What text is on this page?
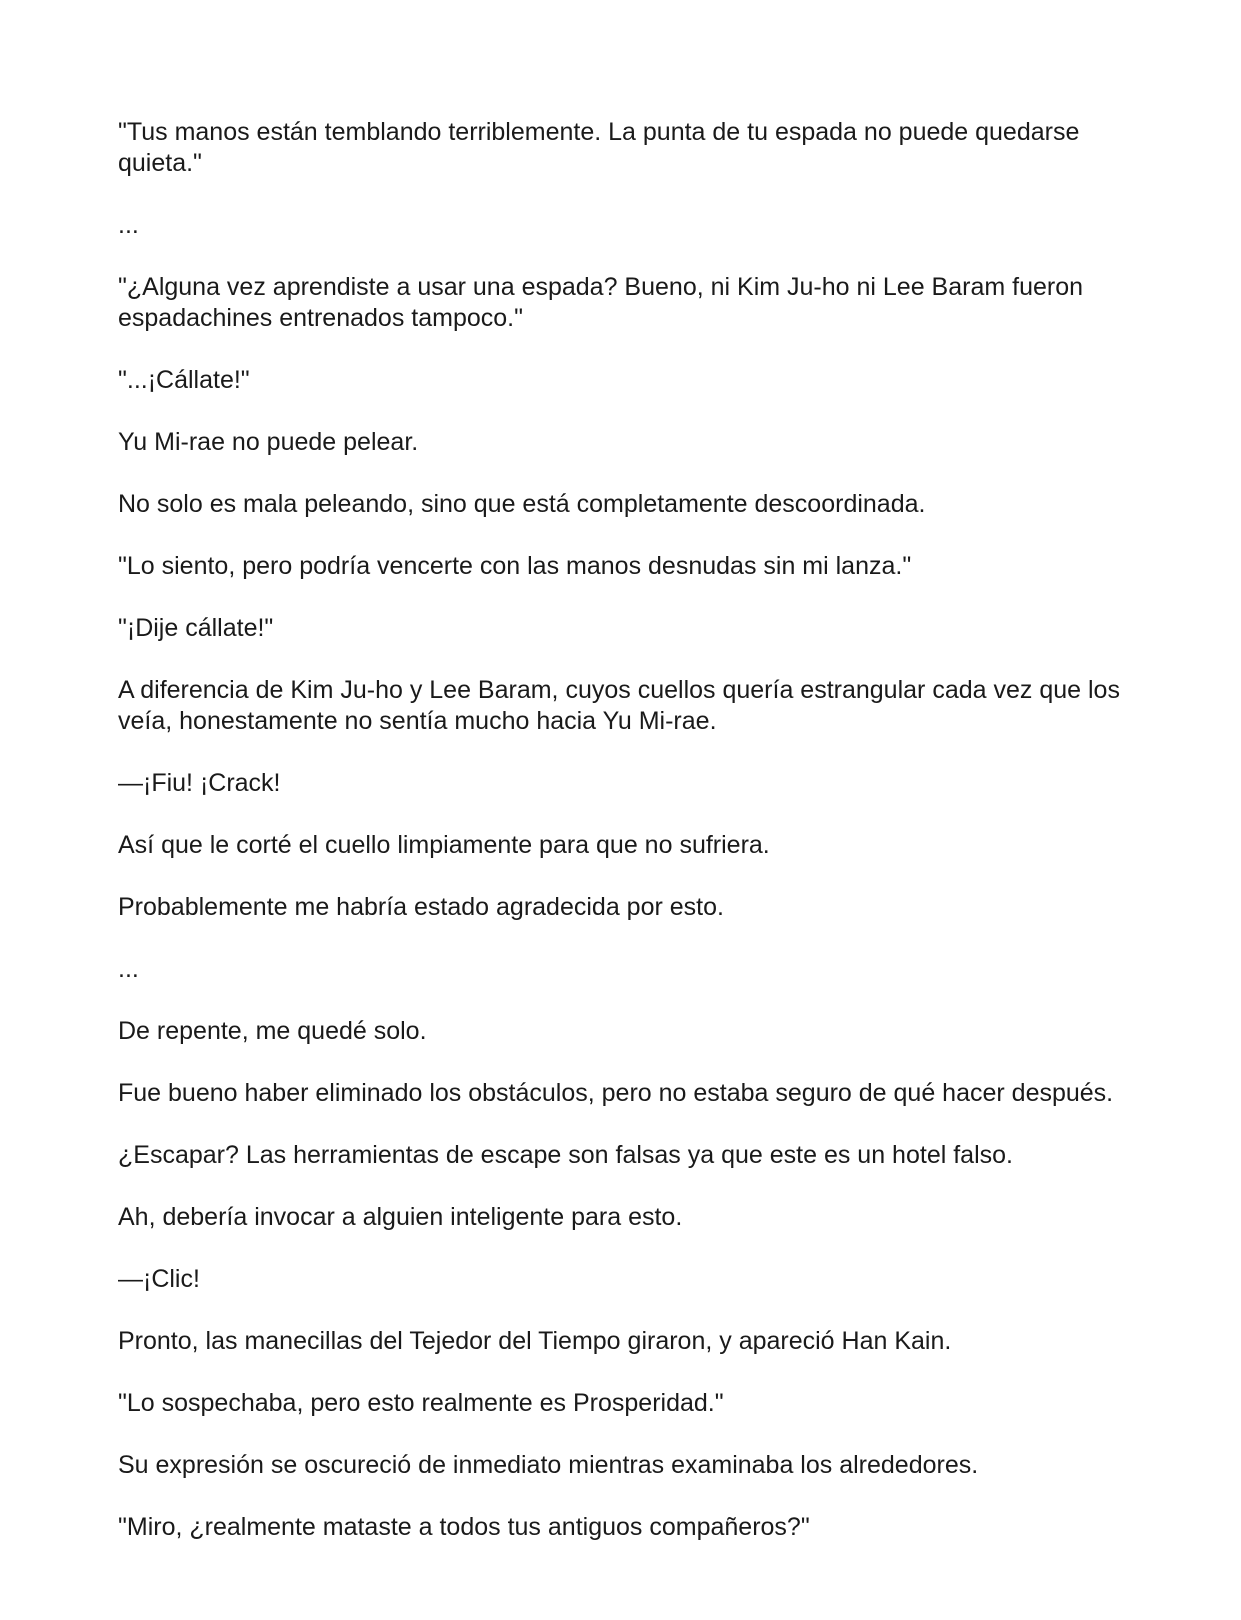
"Tus manos están temblando terriblemente. La punta de tu espada no puede quedarse quieta."

...

"¿Alguna vez aprendiste a usar una espada? Bueno, ni Kim Ju-ho ni Lee Baram fueron espadachines entrenados tampoco."

"...¡Cállate!"

Yu Mi-rae no puede pelear.

No solo es mala peleando, sino que está completamente descoordinada.

"Lo siento, pero podría vencerte con las manos desnudas sin mi lanza."

"¡Dije cállate!"

A diferencia de Kim Ju-ho y Lee Baram, cuyos cuellos quería estrangular cada vez que los veía, honestamente no sentía mucho hacia Yu Mi-rae.

—¡Fiu! ¡Crack!

Así que le corté el cuello limpiamente para que no sufriera.

Probablemente me habría estado agradecida por esto.

...

De repente, me quedé solo.

Fue bueno haber eliminado los obstáculos, pero no estaba seguro de qué hacer después.

¿Escapar? Las herramientas de escape son falsas ya que este es un hotel falso.

Ah, debería invocar a alguien inteligente para esto.

—¡Clic!

Pronto, las manecillas del Tejedor del Tiempo giraron, y apareció Han Kain.

"Lo sospechaba, pero esto realmente es Prosperidad."

Su expresión se oscureció de inmediato mientras examinaba los alrededores.

"Miro, ¿realmente mataste a todos tus antiguos compañeros?"
